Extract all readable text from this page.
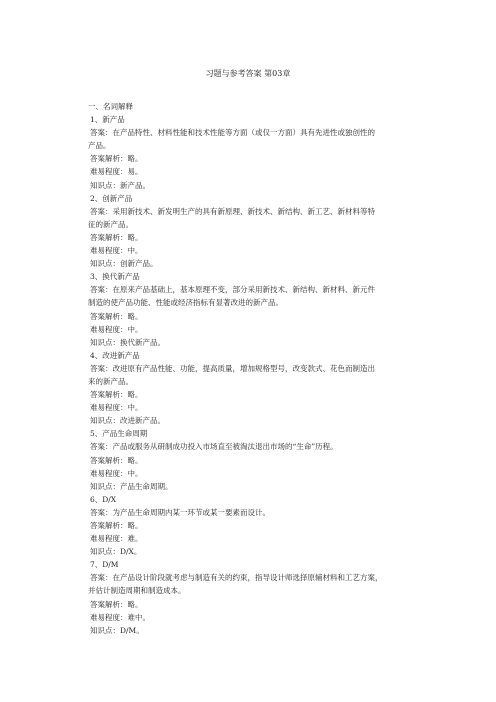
习题与参考答案 第03章
一、名词解释
1、新产品
答案：在产品特性、材料性能和技术性能等方面（或仅一方面）具有先进性或独创性的
产品。
答案解析：略。
难易程度：易。
知识点：新产品。
2、创新产品
答案：采用新技术、新发明生产的具有新原理、新技术、新结构、新工艺、新材料等特
征的新产品。
答案解析：略。
难易程度：中。
知识点：创新产品。
3、换代新产品
答案：在原来产品基础上，基本原理不变，部分采用新技术、新结构、新材料、新元件
制造的使产品功能、性能或经济指标有显著改进的新产品。
答案解析：略。
难易程度：中。
知识点：换代新产品。
4、改进新产品
答案：改进原有产品性能、功能，提高质量，增加规格型号，改变款式、花色而制造出
来的新产品。
答案解析：略。
难易程度：中。
知识点：改进新产品。
5、产品生命周期
答案：产品或服务从研制成功投入市场直至被淘汰退出市场的“生命”历程。
答案解析：略。
难易程度：中。
知识点：产品生命周期。
6、D/X
答案：为产品生命周期内某一环节或某一要素而设计。
答案解析：略。
难易程度：难。
知识点：D/X。
7、D/M
答案：在产品设计阶段就考虑与制造有关的约束，指导设计师选择原辅材料和工艺方案，
并估计制造周期和制造成本。
答案解析：略。
难易程度：难中。
知识点：D/M。
